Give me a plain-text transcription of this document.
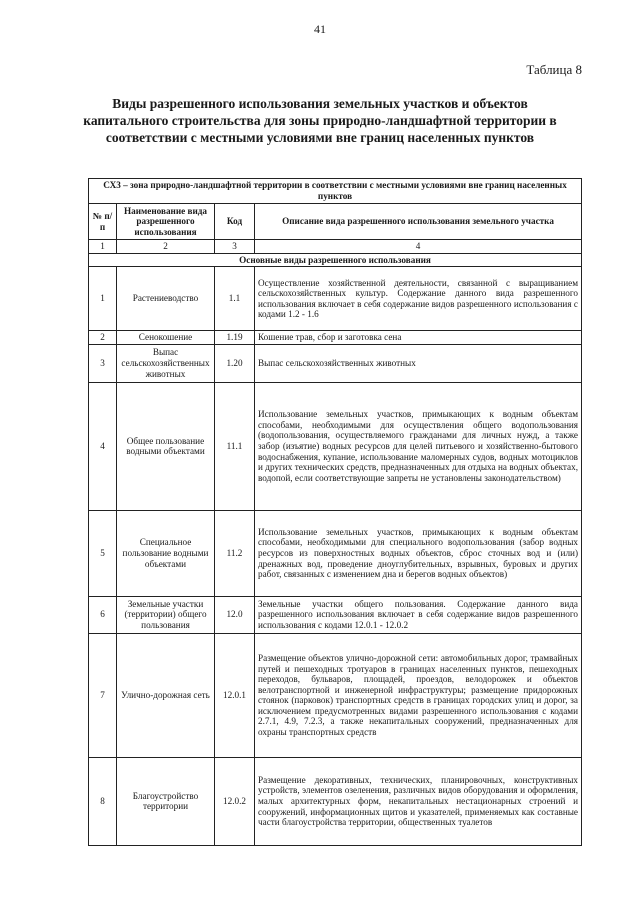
41
Таблица 8
Виды разрешенного использования земельных участков и объектов капитального строительства для зоны природно-ландшафтной территории в соответствии с местными условиями вне границ населенных пунктов
СХ3 – зона природно-ландшафтной территории в соответствии с местными условиями вне границ населенных пунктов			
№ п/п	Наименование вида разрешенного использования	Код	Описание вида разрешенного использования земельного участка
1	2	3	4
Основные виды разрешенного использования			
1	Растениеводство	1.1	Осуществление хозяйственной деятельности, связанной с выращиванием сельскохозяйственных культур. Содержание данного вида разрешенного использования включает в себя содержание видов разрешенного использования с кодами 1.2 - 1.6
2	Сенокошение	1.19	Кошение трав, сбор и заготовка сена
3	Выпас сельскохозяйственных животных	1.20	Выпас сельскохозяйственных животных
4	Общее пользование водными объектами	11.1	Использование земельных участков, примыкающих к водным объектам способами, необходимыми для осуществления общего водопользования (водопользования, осуществляемого гражданами для личных нужд, а также забор (изъятие) водных ресурсов для целей питьевого и хозяйственно-бытового водоснабжения, купание, использование маломерных судов, водных мотоциклов и других технических средств, предназначенных для отдыха на водных объектах, водопой, если соответствующие запреты не установлены законодательством)
5	Специальное пользование водными объектами	11.2	Использование земельных участков, примыкающих к водным объектам способами, необходимыми для специального водопользования (забор водных ресурсов из поверхностных водных объектов, сброс сточных вод и (или) дренажных вод, проведение дноуглубительных, взрывных, буровых и других работ, связанных с изменением дна и берегов водных объектов)
6	Земельные участки (территории) общего пользования	12.0	Земельные участки общего пользования. Содержание данного вида разрешенного использования включает в себя содержание видов разрешенного использования с кодами 12.0.1 - 12.0.2
7	Улично-дорожная сеть	12.0.1	Размещение объектов улично-дорожной сети: автомобильных дорог, трамвайных путей и пешеходных тротуаров в границах населенных пунктов, пешеходных переходов, бульваров, площадей, проездов, велодорожек и объектов велотранспортной и инженерной инфраструктуры; размещение придорожных стоянок (парковок) транспортных средств в границах городских улиц и дорог, за исключением предусмотренных видами разрешенного использования с кодами 2.7.1, 4.9, 7.2.3, а также некапитальных сооружений, предназначенных для охраны транспортных средств
8	Благоустройство территории	12.0.2	Размещение декоративных, технических, планировочных, конструктивных устройств, элементов озеленения, различных видов оборудования и оформления, малых архитектурных форм, некапитальных нестационарных строений и сооружений, информационных щитов и указателей, применяемых как составные части благоустройства территории, общественных туалетов
